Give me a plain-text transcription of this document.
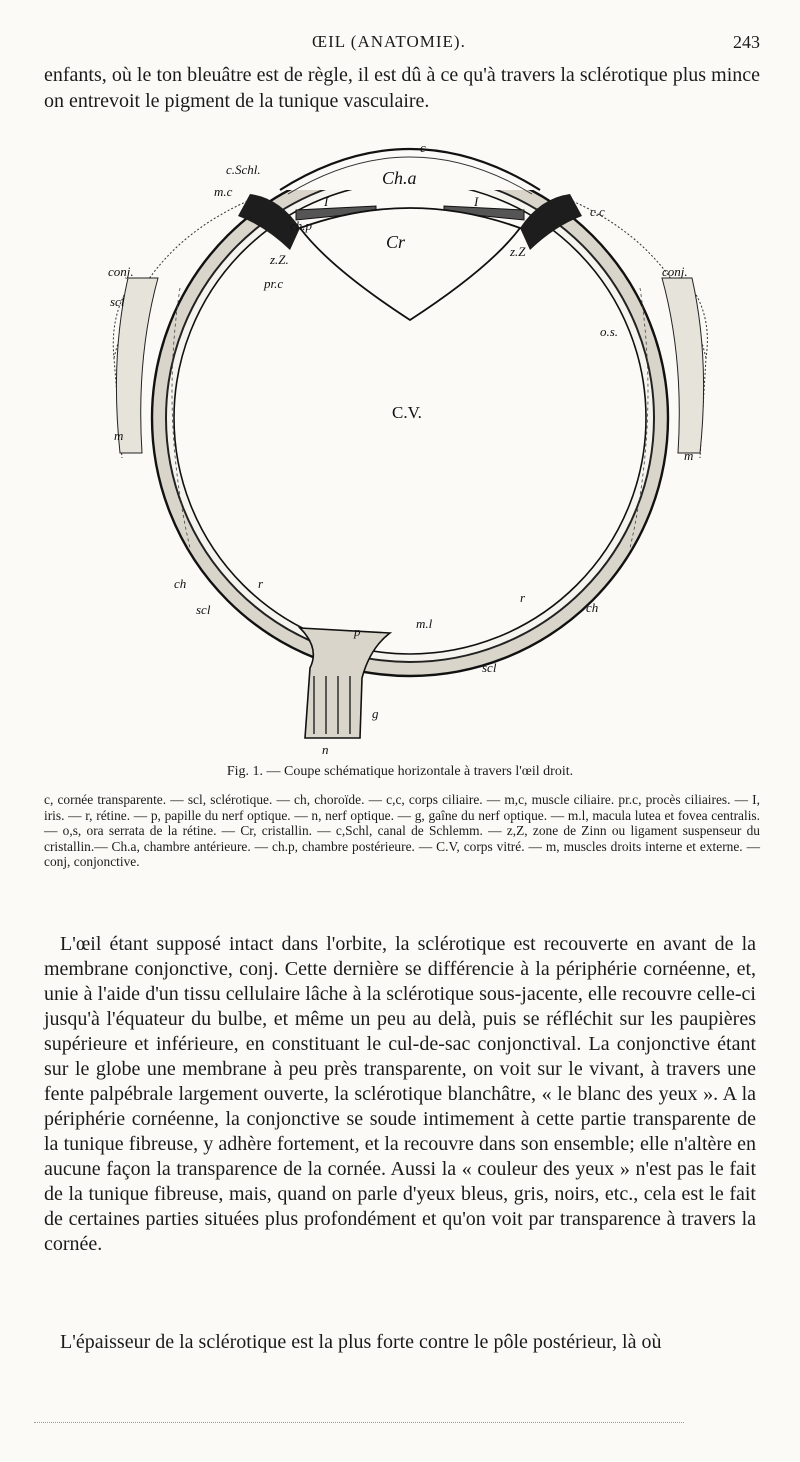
ŒIL (ANATOMIE).	243

enfants, où le ton bleuâtre est de règle, il est dû à ce qu'à travers la sclérotique plus mince on entrevoit le pigment de la tunique vasculaire.

c
c.Schl.	Ch.a
m.c
I	I
c.c
ch.p
Cr
z.Z.
z.Z
pr.c
conj.	conj.
scl
o.s.
C.V.
m
m
ch	r
scl
r
ch
p
m.l
scl
g
n

Fig. 1. — Coupe schématique horizontale à travers l'œil droit.

c, cornée transparente. — scl, sclérotique. — ch, choroïde. — c,c, corps ciliaire. — m,c, muscle ciliaire. pr.c, procès ciliaires. — I, iris. — r, rétine. — p, papille du nerf optique. — n, nerf optique. — g, gaîne du nerf optique. — m.l, macula lutea et fovea centralis. — o,s, ora serrata de la rétine. — Cr, cristallin. — c,Schl, canal de Schlemm. — z,Z, zone de Zinn ou ligament suspenseur du cristallin.— Ch.a, chambre antérieure. — ch.p, chambre postérieure. — C.V, corps vitré. — m, muscles droits interne et externe. — conj, conjonctive.

L'œil étant supposé intact dans l'orbite, la sclérotique est recouverte en avant de la membrane conjonctive, conj. Cette dernière se différencie à la périphérie cornéenne, et, unie à l'aide d'un tissu cellulaire lâche à la sclérotique sous-jacente, elle recouvre celle-ci jusqu'à l'équateur du bulbe, et même un peu au delà, puis se réfléchit sur les paupières supérieure et inférieure, en constituant le cul-de-sac conjonctival. La conjonctive étant sur le globe une membrane à peu près transparente, on voit sur le vivant, à travers une fente palpébrale largement ouverte, la sclérotique blanchâtre, « le blanc des yeux ». A la périphérie cornéenne, la conjonctive se soude intimement à cette partie transparente de la tunique fibreuse, y adhère fortement, et la recouvre dans son ensemble; elle n'altère en aucune façon la transparence de la cornée. Aussi la « couleur des yeux » n'est pas le fait de la tunique fibreuse, mais, quand on parle d'yeux bleus, gris, noirs, etc., cela est le fait de certaines parties situées plus profondément et qu'on voit par transparence à travers la cornée.

L'épaisseur de la sclérotique est la plus forte contre le pôle postérieur, là où
